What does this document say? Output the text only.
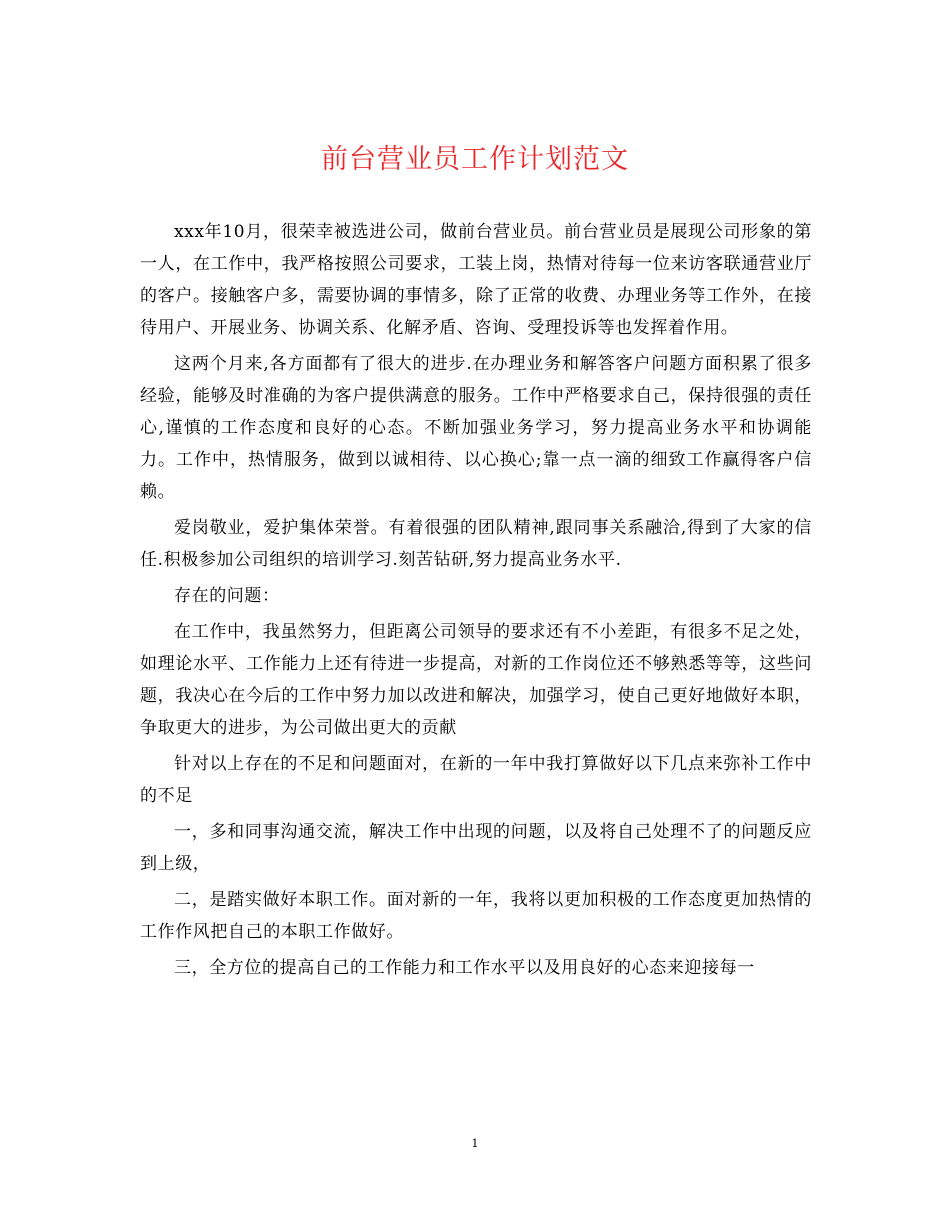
前台营业员工作计划范文

xxx年10月，很荣幸被选进公司，做前台营业员。前台营业员是展现公司形象的第一人，在工作中，我严格按照公司要求，工装上岗，热情对待每一位来访客联通营业厅的客户。接触客户多，需要协调的事情多，除了正常的收费、办理业务等工作外，在接待用户、开展业务、协调关系、化解矛盾、咨询、受理投诉等也发挥着作用。

这两个月来,各方面都有了很大的进步.在办理业务和解答客户问题方面积累了很多经验，能够及时准确的为客户提供满意的服务。工作中严格要求自己，保持很强的责任心,谨慎的工作态度和良好的心态。不断加强业务学习，努力提高业务水平和协调能力。工作中，热情服务，做到以诚相待、以心换心;靠一点一滴的细致工作赢得客户信赖。

爱岗敬业，爱护集体荣誉。有着很强的团队精神,跟同事关系融洽,得到了大家的信任.积极参加公司组织的培训学习.刻苦钻研,努力提高业务水平.

存在的问题：

在工作中，我虽然努力，但距离公司领导的要求还有不小差距，有很多不足之处，如理论水平、工作能力上还有待进一步提高，对新的工作岗位还不够熟悉等等，这些问题，我决心在今后的工作中努力加以改进和解决，加强学习，使自己更好地做好本职，争取更大的进步，为公司做出更大的贡献

针对以上存在的不足和问题面对，在新的一年中我打算做好以下几点来弥补工作中的不足

一，多和同事沟通交流，解决工作中出现的问题，以及将自己处理不了的问题反应到上级，

二，是踏实做好本职工作。面对新的一年，我将以更加积极的工作态度更加热情的工作作风把自己的本职工作做好。

三，全方位的提高自己的工作能力和工作水平以及用良好的心态来迎接每一

1
